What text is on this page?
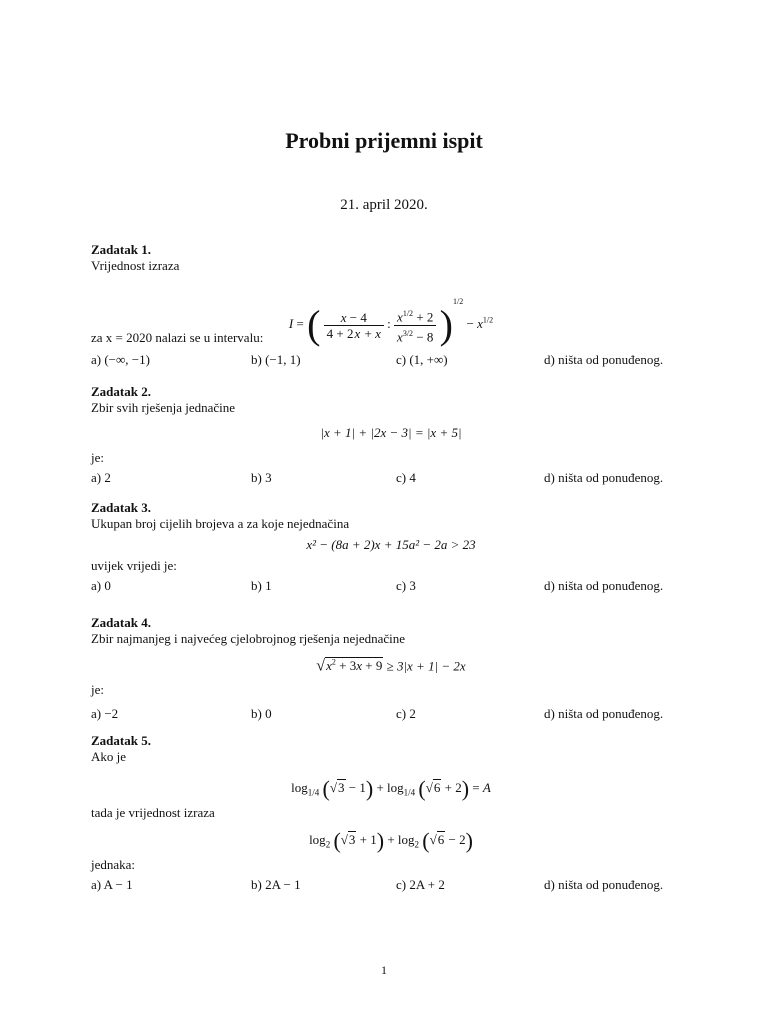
Probni prijemni ispit
21. april 2020.
Zadatak 1.
Vrijednost izraza
I = ( $\frac{x - 4}{4 + 2x + x}$ : $\frac{x^{1/2} + 2}{x^{3/2} - 8} )^{1/2} - x^{1/2}$
za x = 2020 nalazi se u intervalu:
a) (−∞, −1)	b) (−1, 1)	c) (1, +∞)	d) ništa od ponuđenog.
Zadatak 2.
Zbir svih rješenja jednačine
|x + 1| + |2x − 3| = |x + 5|
je:
a) 2	b) 3	c) 4	d) ništa od ponuđenog.
Zadatak 3.
Ukupan broj cijelih brojeva a za koje nejednačina
x² − (8a + 2)x + 15a² − 2a > 23
uvijek vrijedi je:
a) 0	b) 1	c) 3	d) ništa od ponuđenog.
Zadatak 4.
Zbir najmanjeg i najvećeg cjelobrojnog rješenja nejednačine
$√x^2 + 3x + 9 \ge 3|x + 1| - 2x$
je:
a) −2	b) 0	c) 2	d) ništa od ponuđenog.
Zadatak 5.
Ako je
$\log_{1/4} (√3 - 1) + \log_{1/4} (√6 + 2) = A$
tada je vrijednost izraza
$\log_2 (√3 + 1) + \log_2 (√6 - 2)$
jednaka:
a) A − 1	b) 2A − 1	c) 2A + 2	d) ništa od ponuđenog.
1
